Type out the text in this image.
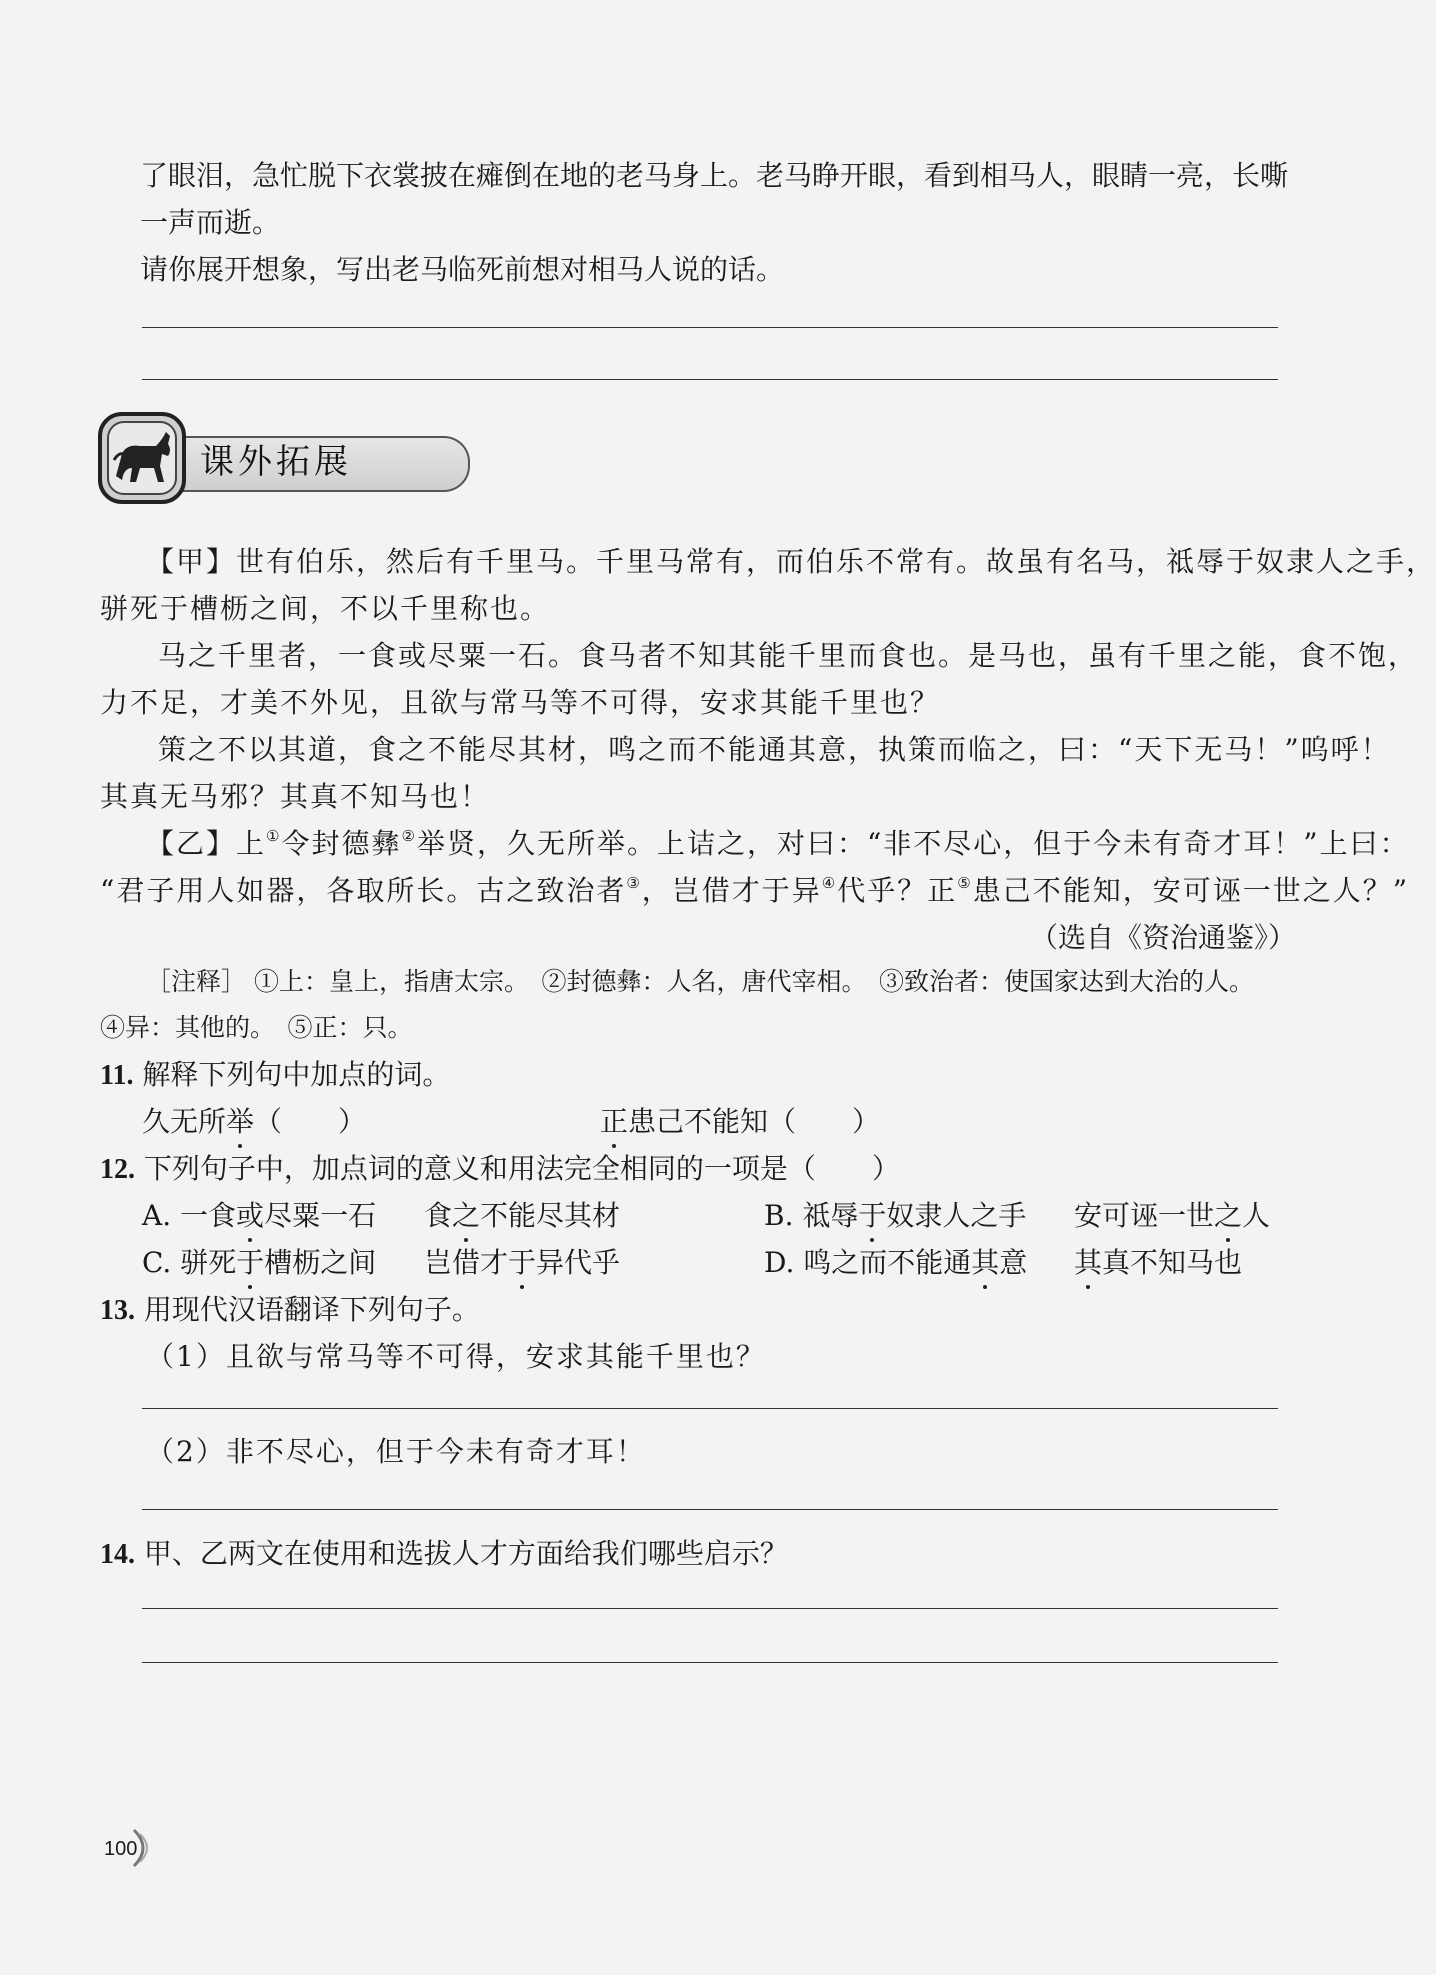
了眼泪，急忙脱下衣裳披在瘫倒在地的老马身上。老马睁开眼，看到相马人，眼睛一亮，长嘶
一声而逝。
请你展开想象，写出老马临死前想对相马人说的话。
课外拓展
【甲】世有伯乐，然后有千里马。千里马常有，而伯乐不常有。故虽有名马，祗辱于奴隶人之手，
骈死于槽枥之间，不以千里称也。
马之千里者，一食或尽粟一石。食马者不知其能千里而食也。是马也，虽有千里之能，食不饱，
力不足，才美不外见，且欲与常马等不可得，安求其能千里也？
策之不以其道，食之不能尽其材，鸣之而不能通其意，执策而临之，曰：“天下无马！”呜呼！
其真无马邪？其真不知马也！
【乙】上①令封德彝②举贤，久无所举。上诘之，对曰：“非不尽心，但于今未有奇才耳！”上曰：
“君子用人如器，各取所长。古之致治者③，岂借才于异④代乎？正⑤患己不能知，安可诬一世之人？”
（选自《资治通鉴》）
［注释］ ①上：皇上，指唐太宗。　②封德彝：人名，唐代宰相。　③致治者：使国家达到大治的人。
④异：其他的。　⑤正：只。
11. 解释下列句中加点的词。
久无所举（　　）	正患己不能知（　　）
12. 下列句子中，加点词的意义和用法完全相同的一项是（　　）
A. 一食或尽粟一石 食之不能尽其材	B. 祗辱于奴隶人之手 安可诬一世之人
C. 骈死于槽枥之间 岂借才于异代乎	D. 鸣之而不能通其意 其真不知马也
13. 用现代汉语翻译下列句子。
（1）且欲与常马等不可得，安求其能千里也？
（2）非不尽心，但于今未有奇才耳！
14. 甲、乙两文在使用和选拔人才方面给我们哪些启示？
100
